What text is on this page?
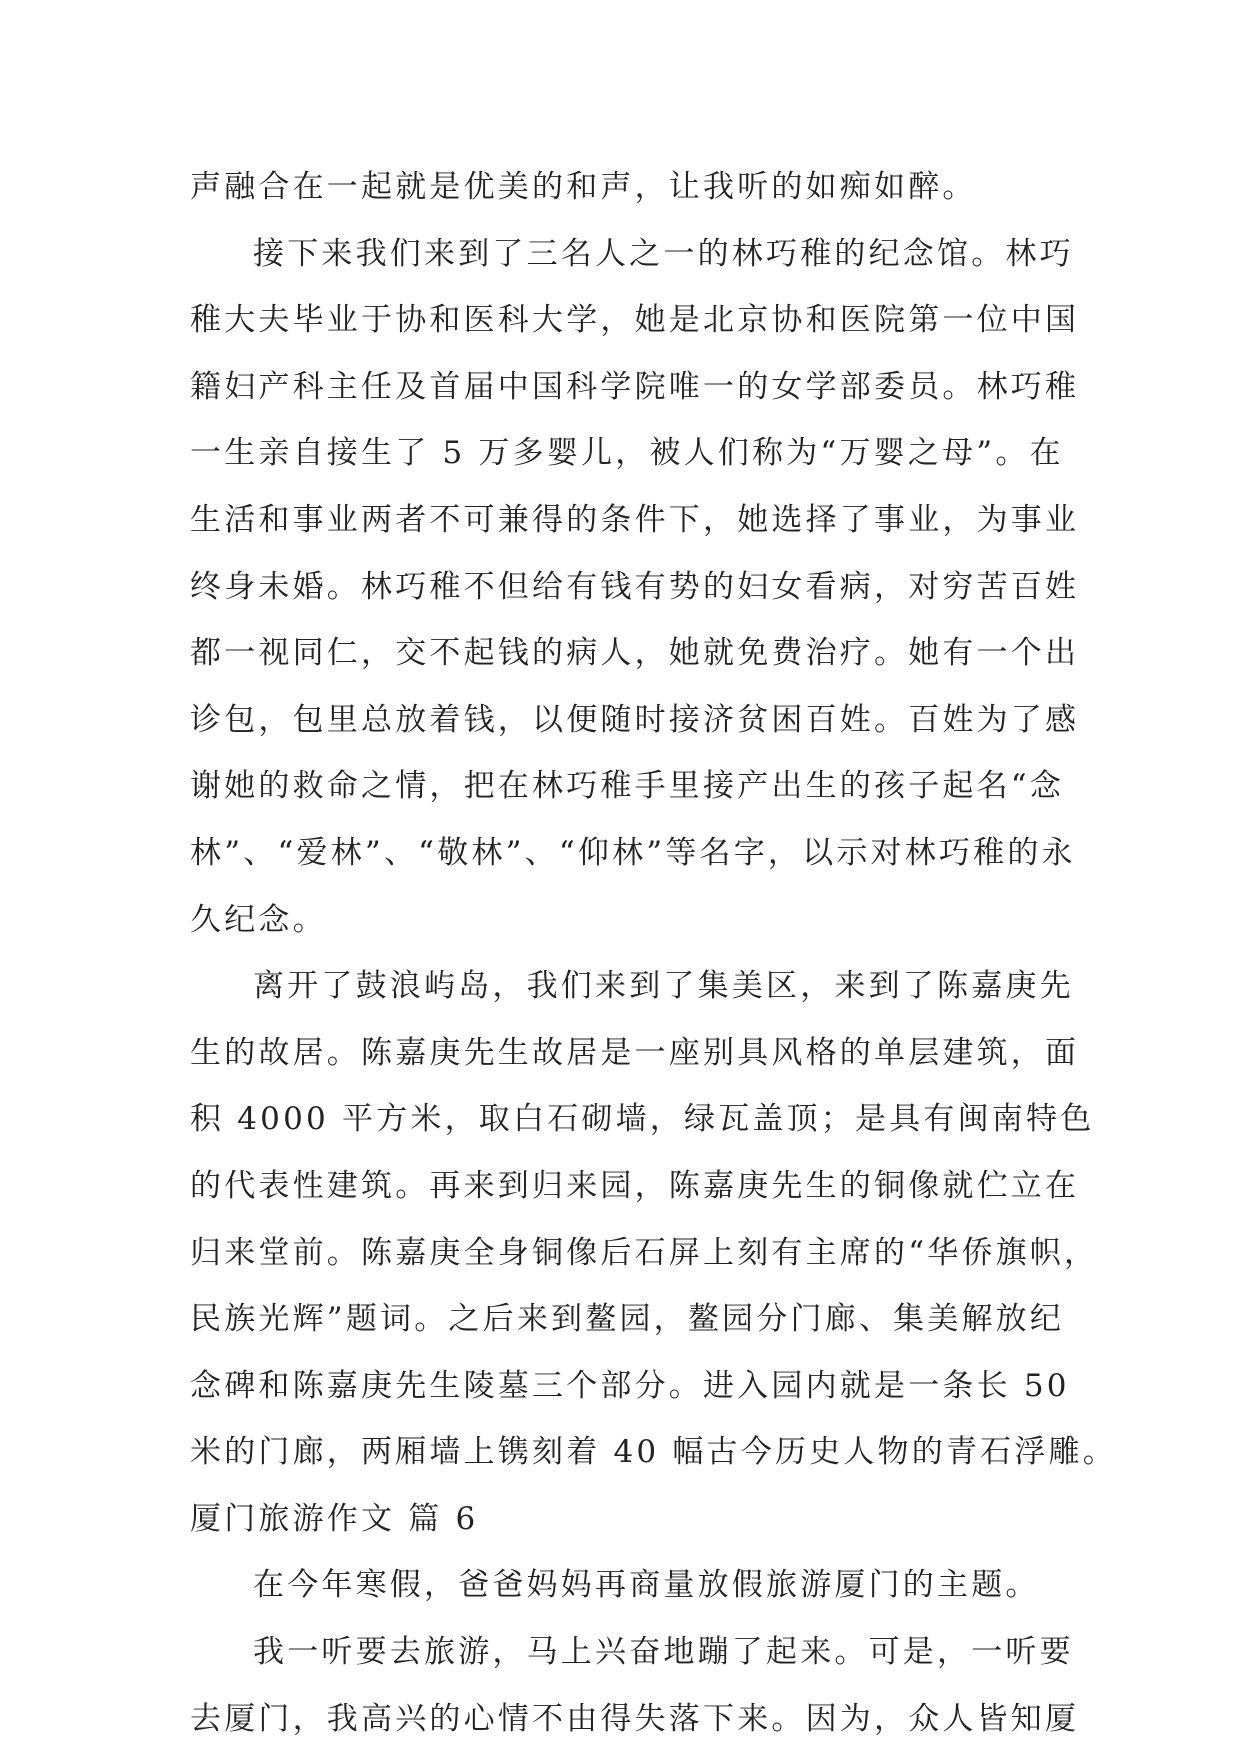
声融合在一起就是优美的和声，让我听的如痴如醉。
接下来我们来到了三名人之一的林巧稚的纪念馆。林巧
稚大夫毕业于协和医科大学，她是北京协和医院第一位中国
籍妇产科主任及首届中国科学院唯一的女学部委员。林巧稚
一生亲自接生了 5 万多婴儿，被人们称为“万婴之母”。在
生活和事业两者不可兼得的条件下，她选择了事业，为事业
终身未婚。林巧稚不但给有钱有势的妇女看病，对穷苦百姓
都一视同仁，交不起钱的病人，她就免费治疗。她有一个出
诊包，包里总放着钱，以便随时接济贫困百姓。百姓为了感
谢她的救命之情，把在林巧稚手里接产出生的孩子起名“念
林”、“爱林”、“敬林”、“仰林”等名字，以示对林巧稚的永
久纪念。
离开了鼓浪屿岛，我们来到了集美区，来到了陈嘉庚先
生的故居。陈嘉庚先生故居是一座别具风格的单层建筑，面
积 4000 平方米，取白石砌墙，绿瓦盖顶；是具有闽南特色
的代表性建筑。再来到归来园，陈嘉庚先生的铜像就伫立在
归来堂前。陈嘉庚全身铜像后石屏上刻有主席的“华侨旗帜，
民族光辉”题词。之后来到鳌园，鳌园分门廊、集美解放纪
念碑和陈嘉庚先生陵墓三个部分。进入园内就是一条长 50
米的门廊，两厢墙上镌刻着 40 幅古今历史人物的青石浮雕。
厦门旅游作文 篇 6
在今年寒假，爸爸妈妈再商量放假旅游厦门的主题。
我一听要去旅游，马上兴奋地蹦了起来。可是，一听要
去厦门，我高兴的心情不由得失落下来。因为，众人皆知厦
